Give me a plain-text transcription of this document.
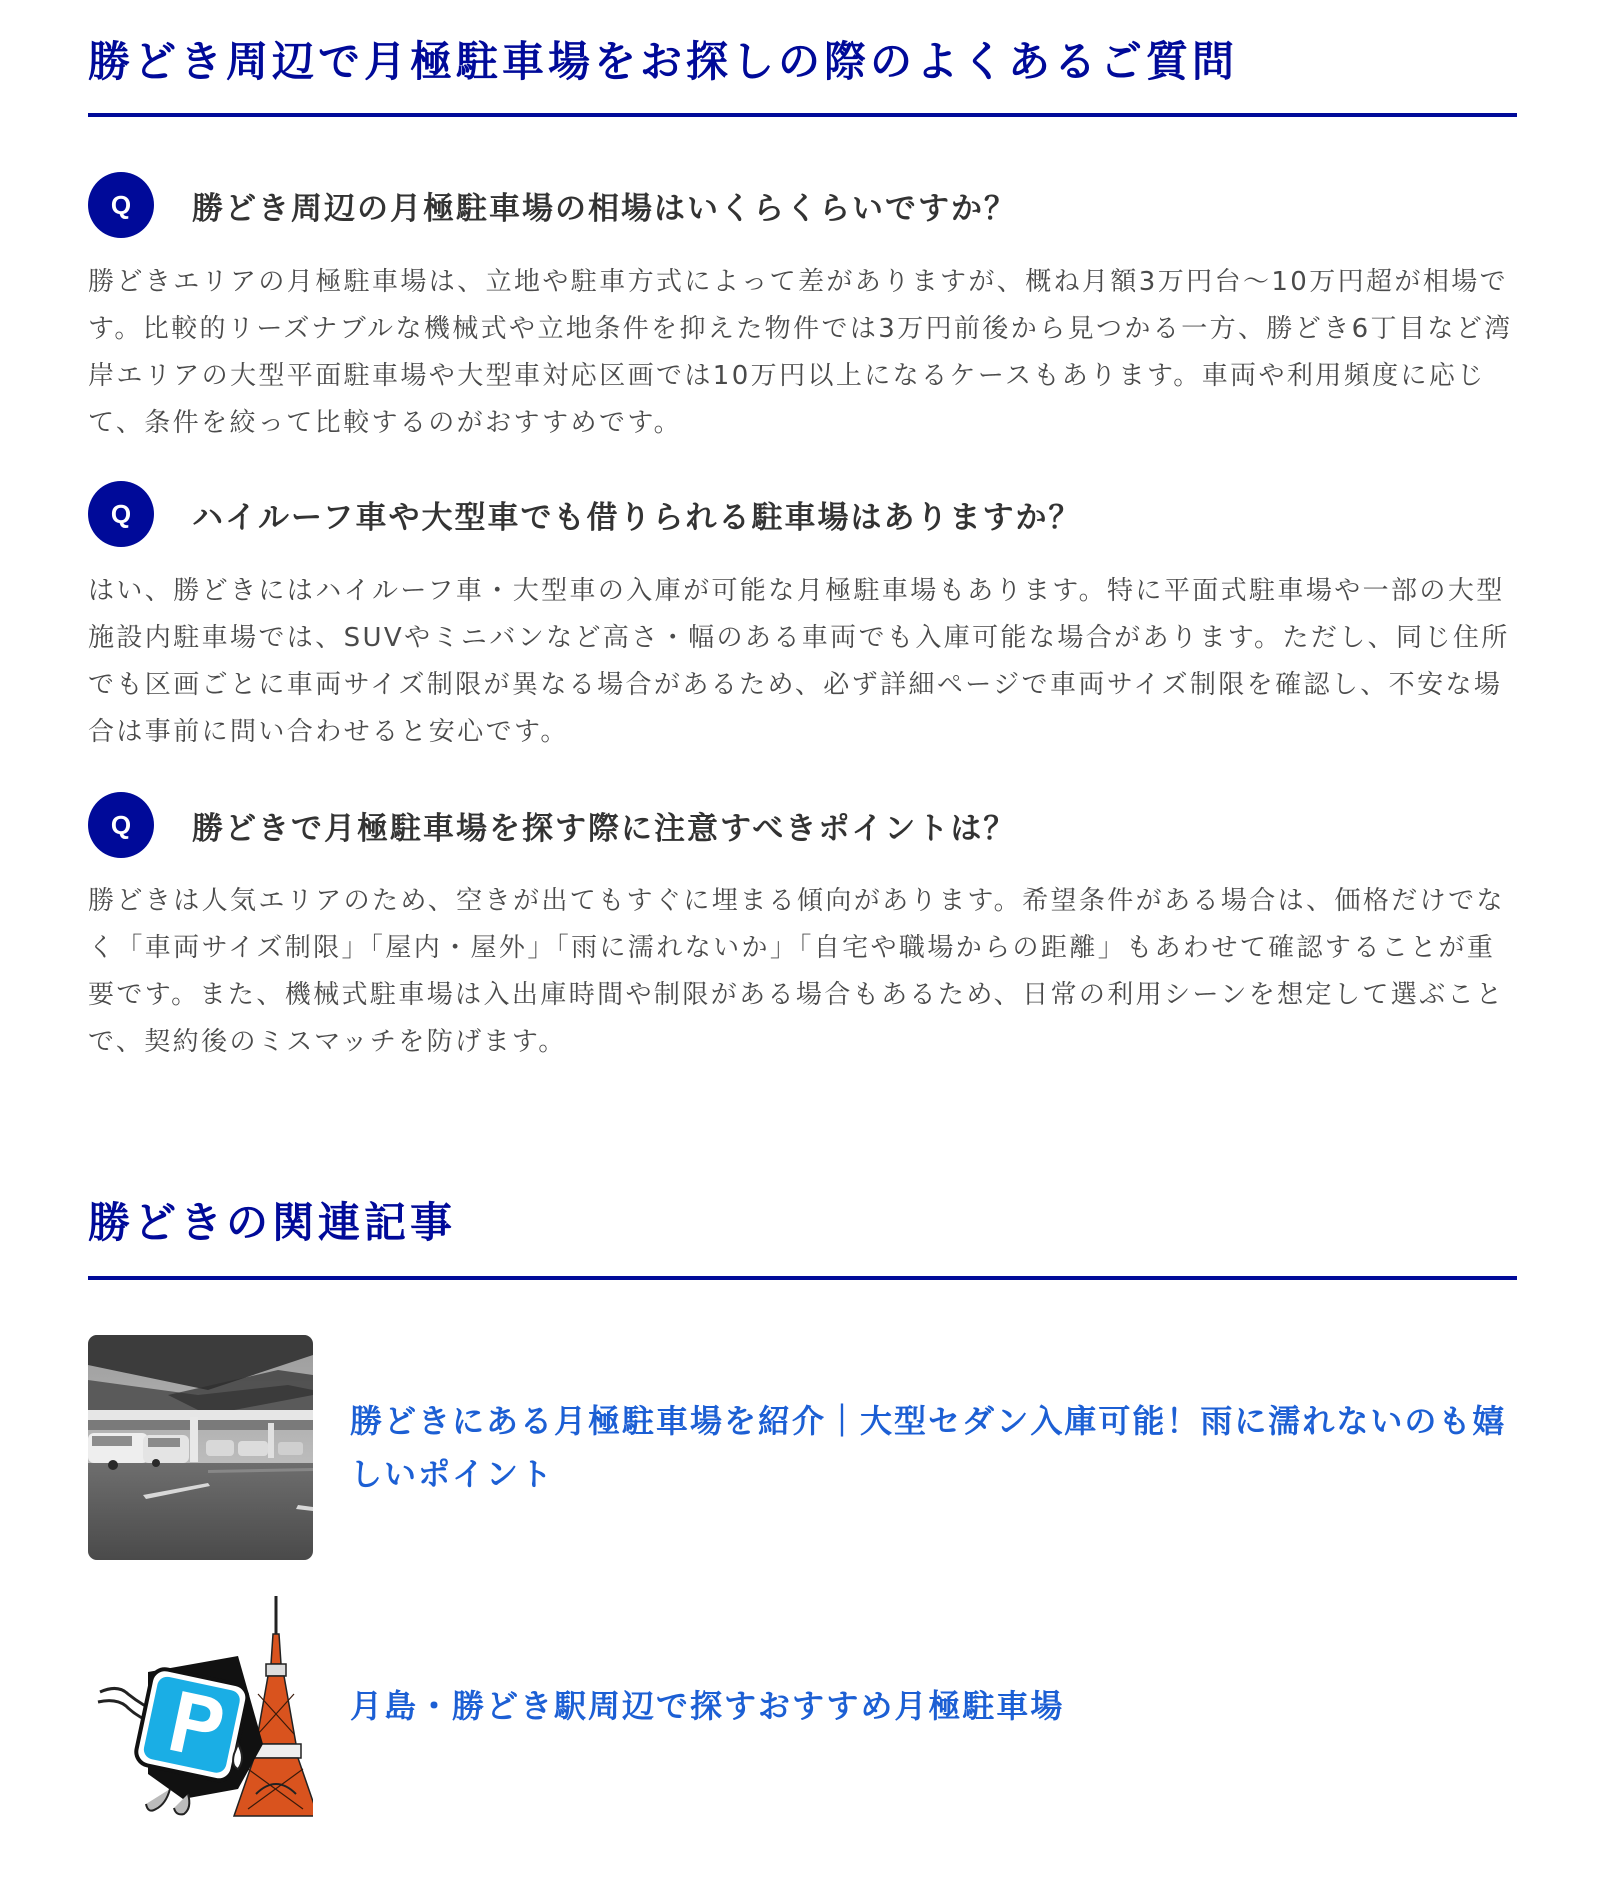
勝どき周辺で月極駐車場をお探しの際のよくあるご質問
Q	勝どき周辺の月極駐車場の相場はいくらくらいですか？

勝どきエリアの月極駐車場は、立地や駐車方式によって差がありますが、概ね月額3万円台〜10万円超が相場です。比較的リーズナブルな機械式や立地条件を抑えた物件では3万円前後から見つかる一方、勝どき6丁目など湾岸エリアの大型平面駐車場や大型車対応区画では10万円以上になるケースもあります。車両や利用頻度に応じて、条件を絞って比較するのがおすすめです。

Q	ハイルーフ車や大型車でも借りられる駐車場はありますか？

はい、勝どきにはハイルーフ車・大型車の入庫が可能な月極駐車場もあります。特に平面式駐車場や一部の大型施設内駐車場では、SUVやミニバンなど高さ・幅のある車両でも入庫可能な場合があります。ただし、同じ住所でも区画ごとに車両サイズ制限が異なる場合があるため、必ず詳細ページで車両サイズ制限を確認し、不安な場合は事前に問い合わせると安心です。

Q	勝どきで月極駐車場を探す際に注意すべきポイントは？

勝どきは人気エリアのため、空きが出てもすぐに埋まる傾向があります。希望条件がある場合は、価格だけでなく「車両サイズ制限」「屋内・屋外」「雨に濡れないか」「自宅や職場からの距離」もあわせて確認することが重要です。また、機械式駐車場は入出庫時間や制限がある場合もあるため、日常の利用シーンを想定して選ぶことで、契約後のミスマッチを防げます。

勝どきの関連記事
勝どきにある月極駐車場を紹介｜大型セダン入庫可能！雨に濡れないのも嬉しいポイント
月島・勝どき駅周辺で探すおすすめ月極駐車場
